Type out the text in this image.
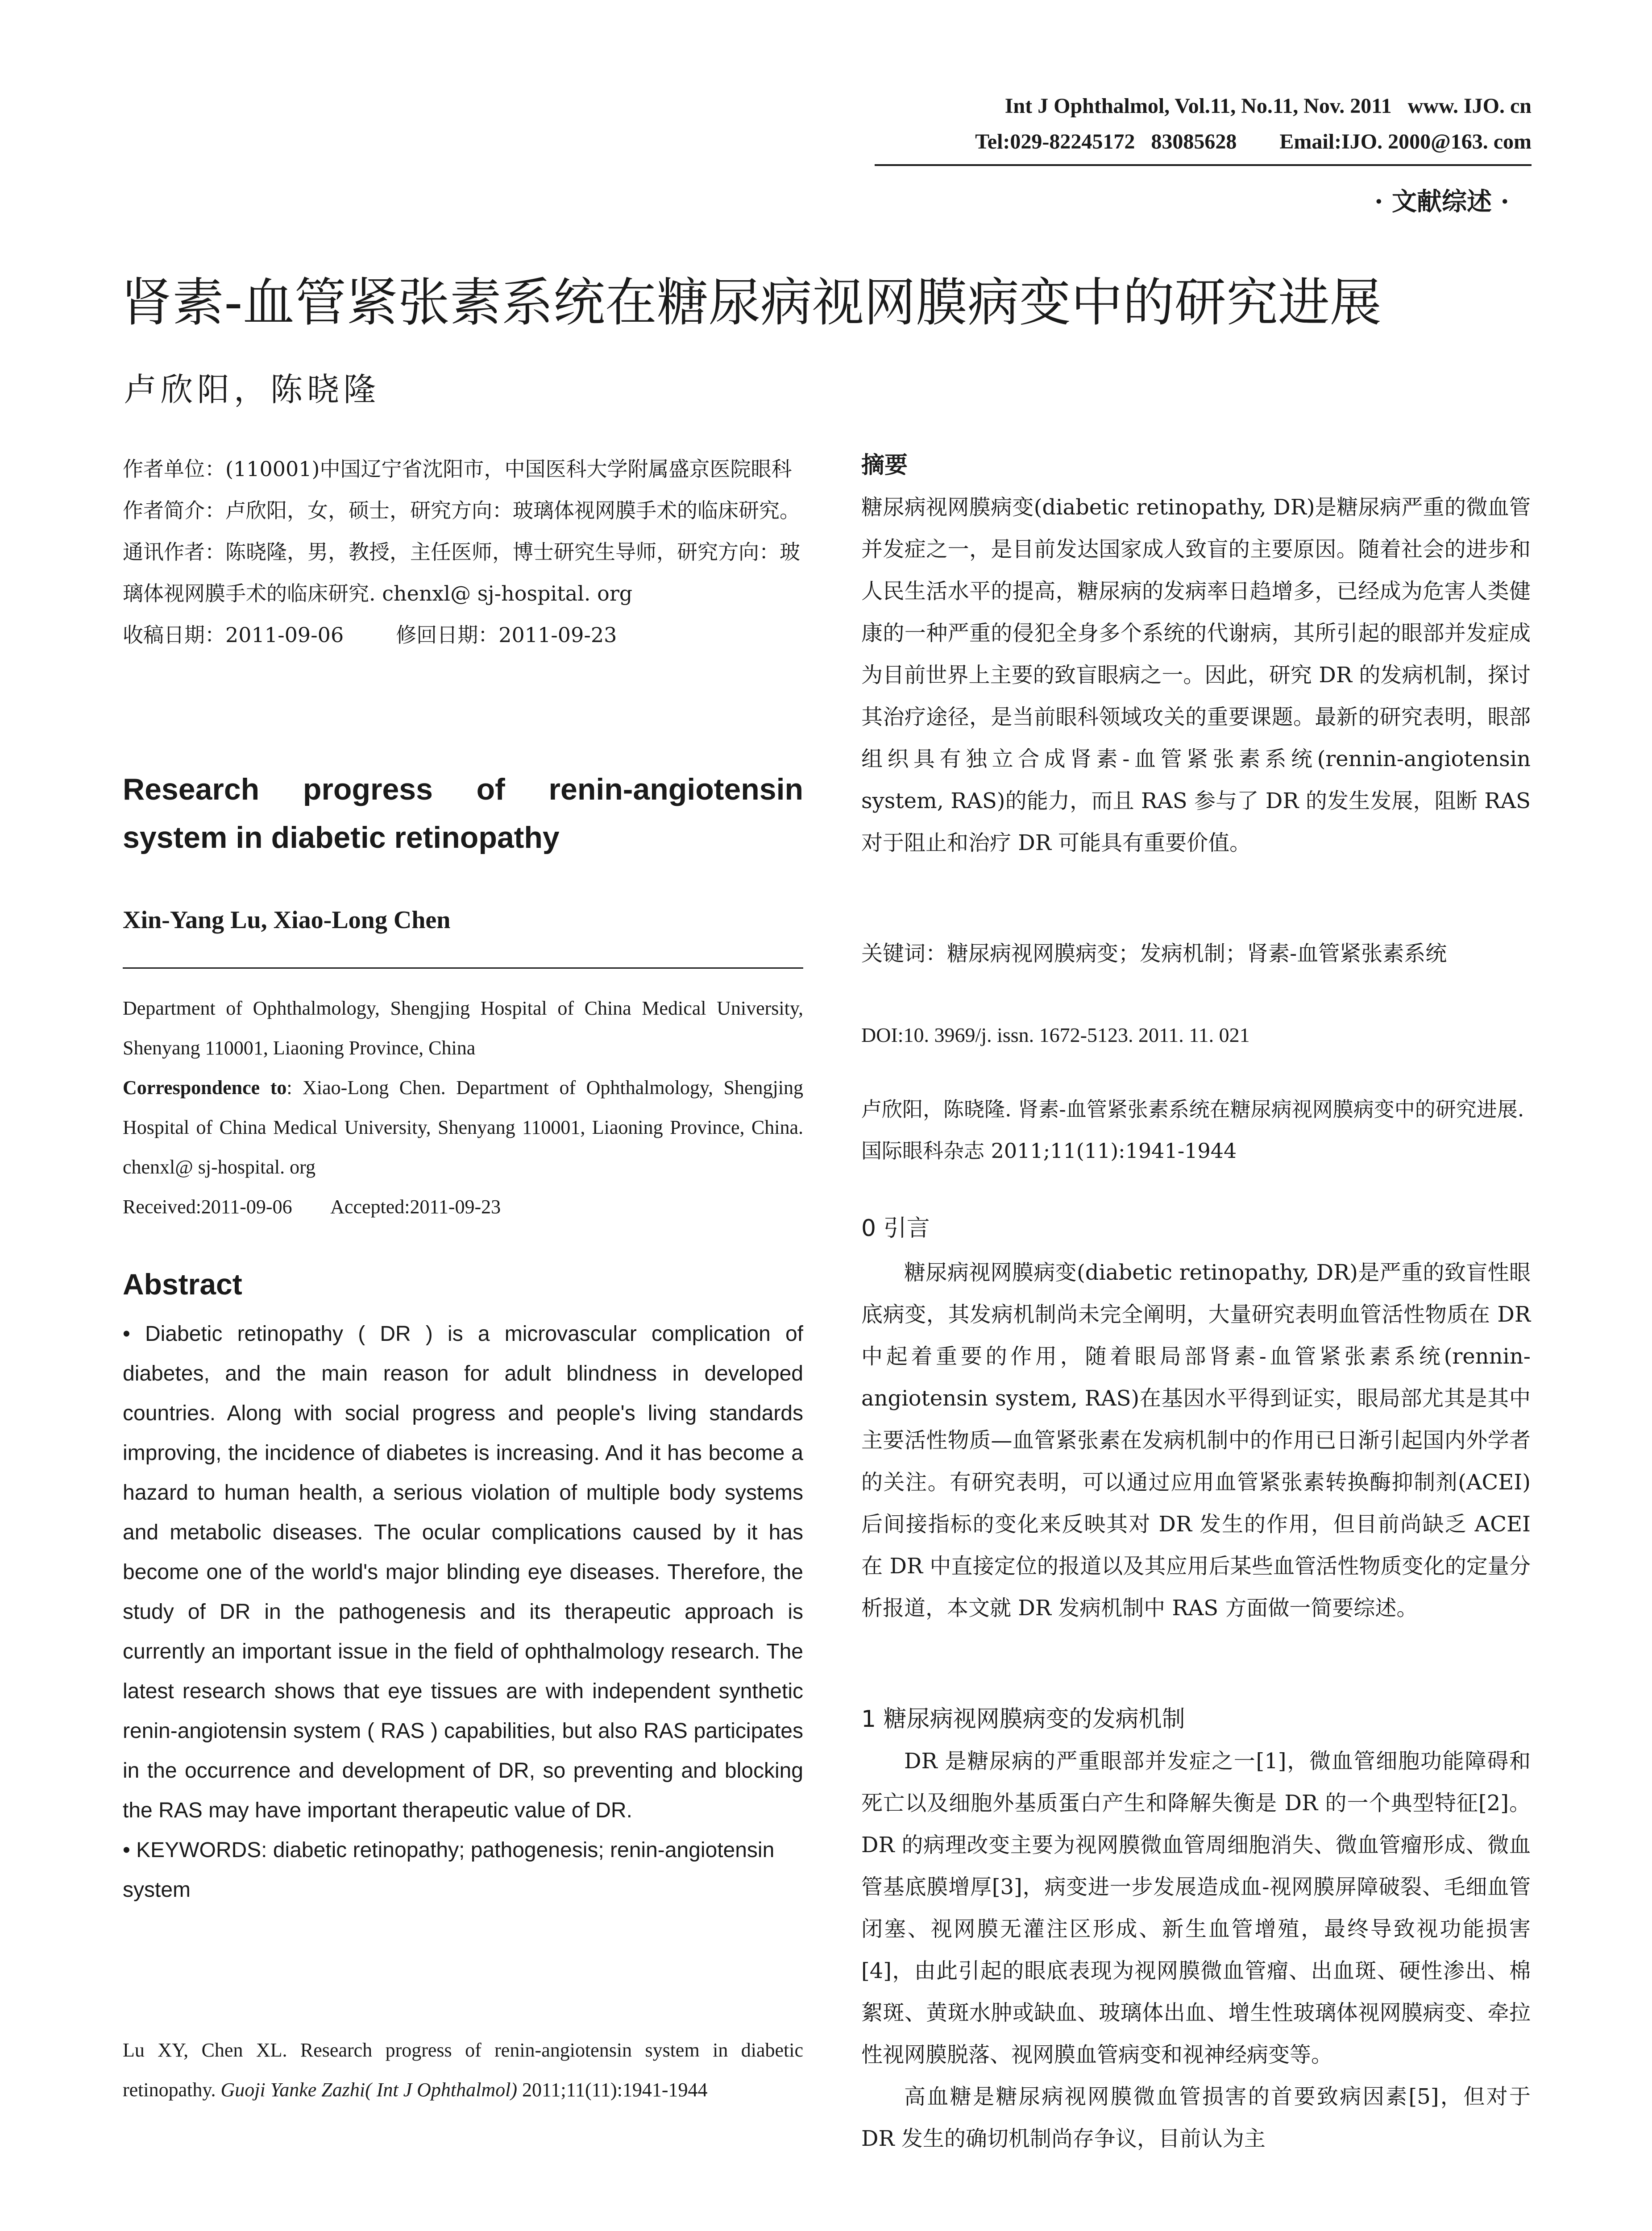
Int J Ophthalmol, Vol.11, No.11, Nov. 2011   www. IJO. cn
Tel:029-82245172   83085628        Email:IJO. 2000@163. com
· 文献综述 ·
肾素-血管紧张素系统在糖尿病视网膜病变中的研究进展
卢欣阳，陈晓隆

作者单位：(110001)中国辽宁省沈阳市，中国医科大学附属盛京医院眼科

作者简介：卢欣阳，女，硕士，研究方向：玻璃体视网膜手术的临床研究。

通讯作者：陈晓隆，男，教授，主任医师，博士研究生导师，研究方向：玻璃体视网膜手术的临床研究. chenxl@ sj-hospital. org

收稿日期：2011-09-06        修回日期：2011-09-23

Research progress of renin-angiotensin
system in diabetic retinopathy
Xin-Yang Lu, Xiao-Long Chen

Department of Ophthalmology, Shengjing Hospital of China Medical University, Shenyang 110001, Liaoning Province, China

Correspondence to: Xiao-Long Chen. Department of Ophthalmology, Shengjing Hospital of China Medical University, Shenyang 110001, Liaoning Province, China. chenxl@ sj-hospital. org

Received:2011-09-06        Accepted:2011-09-23

Abstract

• Diabetic retinopathy ( DR ) is a microvascular complication of diabetes, and the main reason for adult blindness in developed countries. Along with social progress and people's living standards improving, the incidence of diabetes is increasing. And it has become a hazard to human health, a serious violation of multiple body systems and metabolic diseases. The ocular complications caused by it has become one of the world's major blinding eye diseases. Therefore, the study of DR in the pathogenesis and its therapeutic approach is currently an important issue in the field of ophthalmology research. The latest research shows that eye tissues are with independent synthetic renin-angiotensin system ( RAS ) capabilities, but also RAS participates in the occurrence and development of DR, so preventing and blocking the RAS may have important therapeutic value of DR.

• KEYWORDS: diabetic retinopathy; pathogenesis; renin-angiotensin system

Lu XY, Chen XL. Research progress of renin-angiotensin system in diabetic retinopathy. Guoji Yanke Zazhi( Int J Ophthalmol) 2011;11(11):1941-1944

摘要

糖尿病视网膜病变(diabetic retinopathy, DR)是糖尿病严重的微血管并发症之一，是目前发达国家成人致盲的主要原因。随着社会的进步和人民生活水平的提高，糖尿病的发病率日趋增多，已经成为危害人类健康的一种严重的侵犯全身多个系统的代谢病，其所引起的眼部并发症成为目前世界上主要的致盲眼病之一。因此，研究 DR 的发病机制，探讨其治疗途径，是当前眼科领域攻关的重要课题。最新的研究表明，眼部组织具有独立合成肾素-血管紧张素系统(rennin-angiotensin system, RAS)的能力，而且 RAS 参与了 DR 的发生发展，阻断 RAS 对于阻止和治疗 DR 可能具有重要价值。

关键词：糖尿病视网膜病变；发病机制；肾素-血管紧张素系统

DOI:10. 3969/j. issn. 1672-5123. 2011. 11. 021

卢欣阳，陈晓隆. 肾素-血管紧张素系统在糖尿病视网膜病变中的研究进展. 国际眼科杂志 2011;11(11):1941-1944

0 引言

糖尿病视网膜病变(diabetic retinopathy, DR)是严重的致盲性眼底病变，其发病机制尚未完全阐明，大量研究表明血管活性物质在 DR 中起着重要的作用，随着眼局部肾素-血管紧张素系统(rennin-angiotensin system, RAS)在基因水平得到证实，眼局部尤其是其中主要活性物质—血管紧张素在发病机制中的作用已日渐引起国内外学者的关注。有研究表明，可以通过应用血管紧张素转换酶抑制剂(ACEI)后间接指标的变化来反映其对 DR 发生的作用，但目前尚缺乏 ACEI 在 DR 中直接定位的报道以及其应用后某些血管活性物质变化的定量分析报道，本文就 DR 发病机制中 RAS 方面做一简要综述。

1 糖尿病视网膜病变的发病机制

DR 是糖尿病的严重眼部并发症之一[1]，微血管细胞功能障碍和死亡以及细胞外基质蛋白产生和降解失衡是 DR 的一个典型特征[2]。DR 的病理改变主要为视网膜微血管周细胞消失、微血管瘤形成、微血管基底膜增厚[3]，病变进一步发展造成血-视网膜屏障破裂、毛细血管闭塞、视网膜无灌注区形成、新生血管增殖，最终导致视功能损害[4]，由此引起的眼底表现为视网膜微血管瘤、出血斑、硬性渗出、棉絮斑、黄斑水肿或缺血、玻璃体出血、增生性玻璃体视网膜病变、牵拉性视网膜脱落、视网膜血管病变和视神经病变等。

高血糖是糖尿病视网膜微血管损害的首要致病因素[5]，但对于 DR 发生的确切机制尚存争议，目前认为主
